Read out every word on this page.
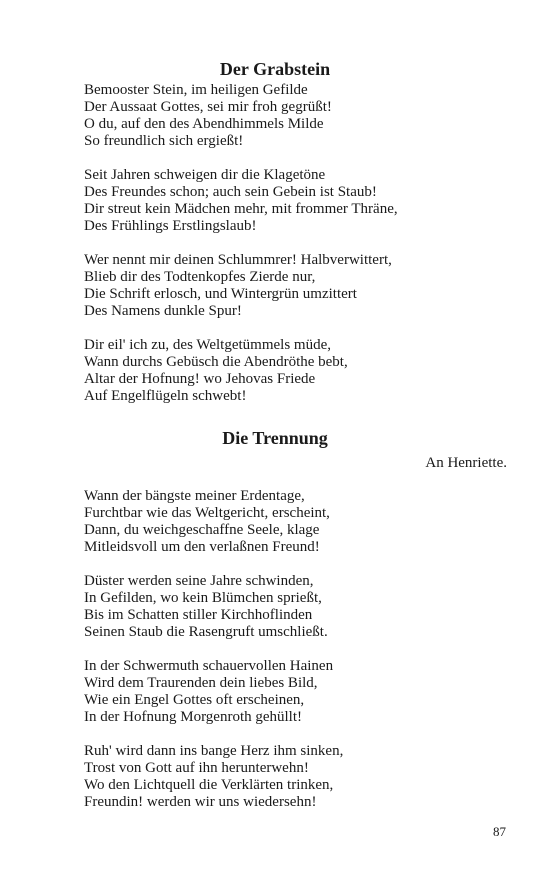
Der Grabstein
Bemooster Stein, im heiligen Gefilde
Der Aussaat Gottes, sei mir froh gegrüßt!
O du, auf den des Abendhimmels Milde
So freundlich sich ergießt!
Seit Jahren schweigen dir die Klagetöne
Des Freundes schon; auch sein Gebein ist Staub!
Dir streut kein Mädchen mehr, mit frommer Thräne,
Des Frühlings Erstlingslaub!
Wer nennt mir deinen Schlummrer! Halbverwittert,
Blieb dir des Todtenkopfes Zierde nur,
Die Schrift erlosch, und Wintergrün umzittert
Des Namens dunkle Spur!
Dir eil' ich zu, des Weltgetümmels müde,
Wann durchs Gebüsch die Abendröthe bebt,
Altar der Hofnung! wo Jehovas Friede
Auf Engelflügeln schwebt!
Die Trennung
An Henriette.
Wann der bängste meiner Erdentage,
Furchtbar wie das Weltgericht, erscheint,
Dann, du weichgeschaffne Seele, klage
Mitleidsvoll um den verlaßnen Freund!
Düster werden seine Jahre schwinden,
In Gefilden, wo kein Blümchen sprießt,
Bis im Schatten stiller Kirchhoflinden
Seinen Staub die Rasengruft umschließt.
In der Schwermuth schauervollen Hainen
Wird dem Traurenden dein liebes Bild,
Wie ein Engel Gottes oft erscheinen,
In der Hofnung Morgenroth gehüllt!
Ruh' wird dann ins bange Herz ihm sinken,
Trost von Gott auf ihn herunterwehn!
Wo den Lichtquell die Verklärten trinken,
Freundin! werden wir uns wiedersehn!
87
